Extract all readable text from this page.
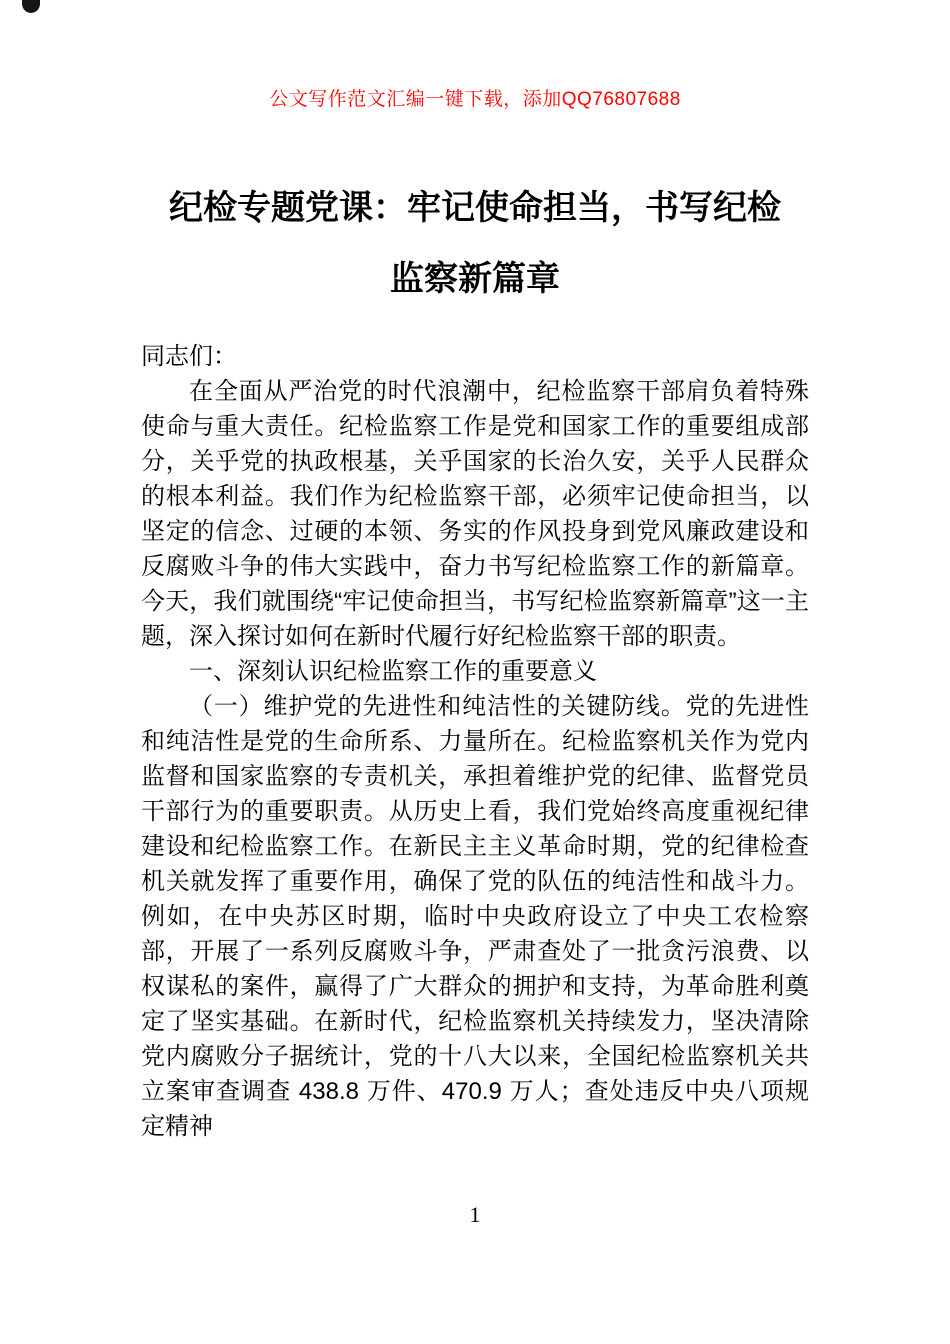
公文写作范文汇编一键下载，添加QQ76807688
纪检专题党课：牢记使命担当，书写纪检
监察新篇章

同志们：

在全面从严治党的时代浪潮中，纪检监察干部肩负着特殊使命与重大责任。纪检监察工作是党和国家工作的重要组成部分，关乎党的执政根基，关乎国家的长治久安，关乎人民群众的根本利益。我们作为纪检监察干部，必须牢记使命担当，以坚定的信念、过硬的本领、务实的作风投身到党风廉政建设和反腐败斗争的伟大实践中，奋力书写纪检监察工作的新篇章。今天，我们就围绕“牢记使命担当，书写纪检监察新篇章”这一主题，深入探讨如何在新时代履行好纪检监察干部的职责。

一、深刻认识纪检监察工作的重要意义

（一）维护党的先进性和纯洁性的关键防线。党的先进性和纯洁性是党的生命所系、力量所在。纪检监察机关作为党内监督和国家监察的专责机关，承担着维护党的纪律、监督党员干部行为的重要职责。从历史上看，我们党始终高度重视纪律建设和纪检监察工作。在新民主主义革命时期，党的纪律检查机关就发挥了重要作用，确保了党的队伍的纯洁性和战斗力。例如，在中央苏区时期，临时中央政府设立了中央工农检察部，开展了一系列反腐败斗争，严肃查处了一批贪污浪费、以权谋私的案件，赢得了广大群众的拥护和支持，为革命胜利奠定了坚实基础。在新时代，纪检监察机关持续发力，坚决清除党内腐败分子据统计，党的十八大以来，全国纪检监察机关共立案审查调查 438.8 万件、470.9 万人；查处违反中央八项规定精神

1
